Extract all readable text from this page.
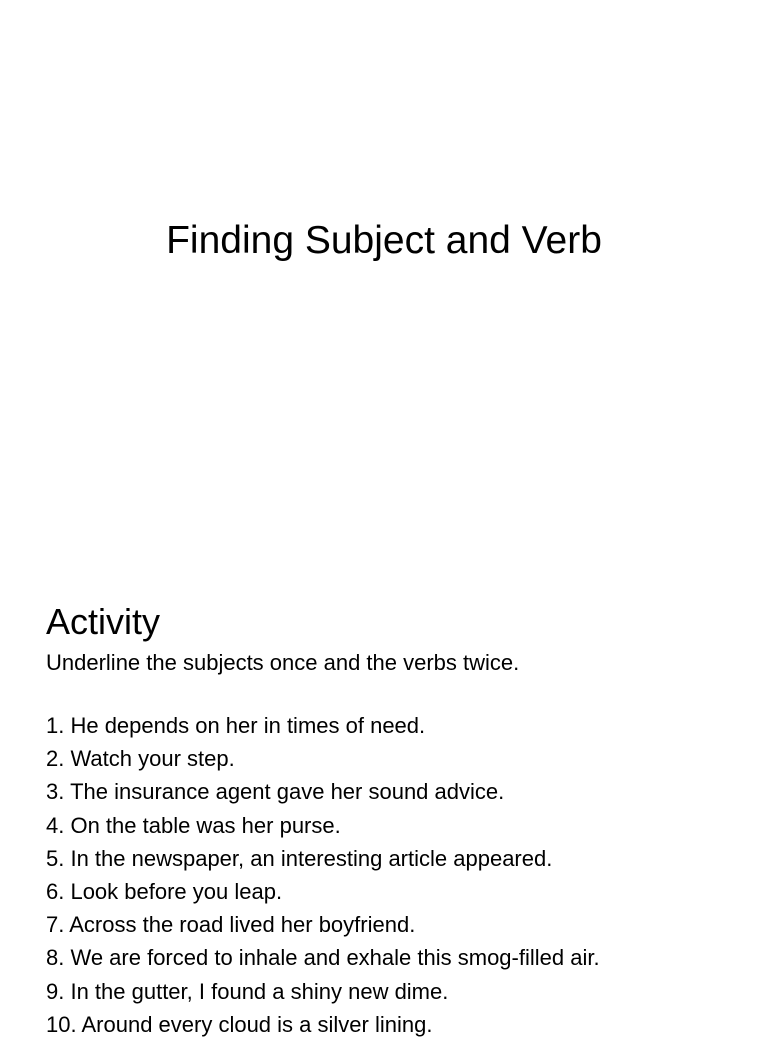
Finding Subject and Verb
Activity
Underline the subjects once and the verbs twice.
1. He depends on her in times of need.
2. Watch your step.
3. The insurance agent gave her sound advice.
4. On the table was her purse.
5. In the newspaper, an interesting article appeared.
6. Look before you leap.
7. Across the road lived her boyfriend.
8. We are forced to inhale and exhale this smog-filled air.
9. In the gutter, I found a shiny new dime.
10. Around every cloud is a silver lining.
